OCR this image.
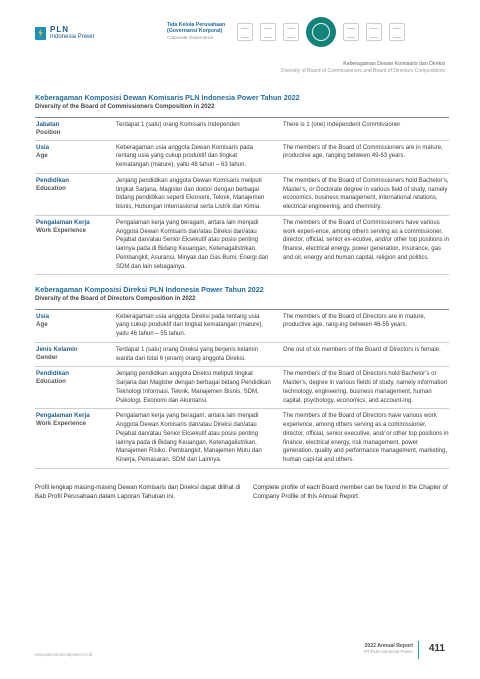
PLN
Indonesia Power
Tata Kelola Perusahaan
(Governansi Korporat)
Corporate Governance
Keberagaman Dewan Komisaris dan Direksi
Diversity of Board of Commissioners and Board of Directors Compositions
Keberagaman Komposisi Dewan Komisaris PLN Indonesia Power Tahun 2022
Diversity of the Board of Commissioners Composition in 2022
Jabatan
Position
Terdapat 1 (satu) orang Komisaris Independen	There is 1 (one) Independent Commissioner
Usia
Age
Keberagaman usia anggota Dewan Komisaris pada rentang usia yang cukup produktif dan tingkat kematangan (mature), yaitu 48 tahun – 63 tahun.
The members of the Board of Commissioners are in mature, productive age, ranging between 49-63 years.
Pendidikan
Education
Jenjang pendidikan anggota Dewan Komisaris meliputi tingkat Sarjana, Magister dan doktor dengan berbagai bidang pendidikan seperti Ekonomi, Teknik, Manajemen bisnis, Hubungan Internasional serta Listrik dan Kimia.
The members of the Board of Commissioners hold Bachelor’s, Master’s, or Doctorate degree in various field of study, namely economics, business management, international relations, electrical engineering, and chemistry.
Pengalaman Kerja
Work Experience
Pengalaman kerja yang beragam, antara lain menjadi Anggota Dewan Komisaris dan/atau Direksi dan/atau Pejabat dan/atau Senior Eksekutif atau posisi penting lainnya pada di Bidang Keuangan, Ketenagalistrikan, Pembangkit, Asuransi, Minyak dan Gas Bumi, Energi dan SDM dan lain sebagainya.
The members of the Board of Commissioners have various work experi-ence, among others serving as a commissioner, director, official, senior ex-ecutive, and/or other top positions in finance, electrical energy, power generation, insurance, gas and oil, energy and human capital, religion and politics.
Keberagaman Komposisi Direksi PLN Indonesia Power Tahun 2022
Diversity of the Board of Directors Composition in 2022
Usia
Age
Keberagaman usia anggota Direksi pada rentang usia yang cukup produktif dan tingkat kematangan (mature), yaitu 46 tahun – 55 tahun.
The members of the Board of Directors are in mature, productive age, rang-ing between 46-55 years.
Jenis Kelamin
Gender
Terdapat 1 (satu) orang Direksi yang berjenis kelamin wanita dari total 6 (enam) orang anggota Direksi.
One out of six members of the Board of Directors is female.
Pendidikan
Education
Jenjang pendidikan anggota Direksi meliputi tingkat Sarjana dan Magister dengan berbagai bidang Pendidikan Teknologi Informasi, Teknik, Manajemen Bisnis, SDM, Psikologi, Ekonomi dan Akuntansi.
The members of the Board of Directors hold Bachelor’s or Master’s, degree in various fields of study, namely information technology, engineering, business management, human capital, psychology, economics, and account-ing.
Pengalaman Kerja
Work Experience
Pengalaman kerja yang beragam, antara lain menjadi Anggota Dewan Komisaris dan/atau Direksi dan/atau Pejabat dan/atau Senior Eksekutif atau posisi penting lainnya pada di Bidang Keuangan, Ketenagalistrikan, Manajemen Risiko, Pembangkit, Manajemen Mutu dan Kinerja, Pemasaran, SDM dan Lainnya.
The members of the Board of Directors have various work experience, among others serving as a commissioner, director, official, senior executive, and/ or other top positions in finance, electrical energy, risk management, power generation, quality and performance management, marketing, human capi-tal and others.

Profil lengkap masing-masing Dewan Komisaris dan Direksi dapat dilihat di Bab Profil Perusahaan dalam Laporan Tahunan ini.

Complete profile of each Board member can be found in the Chapter of Company Profile of this Annual Report.

www.plnindonesiapower.co.id
2022 Annual Report
PT PLN Indonesia Power 411
